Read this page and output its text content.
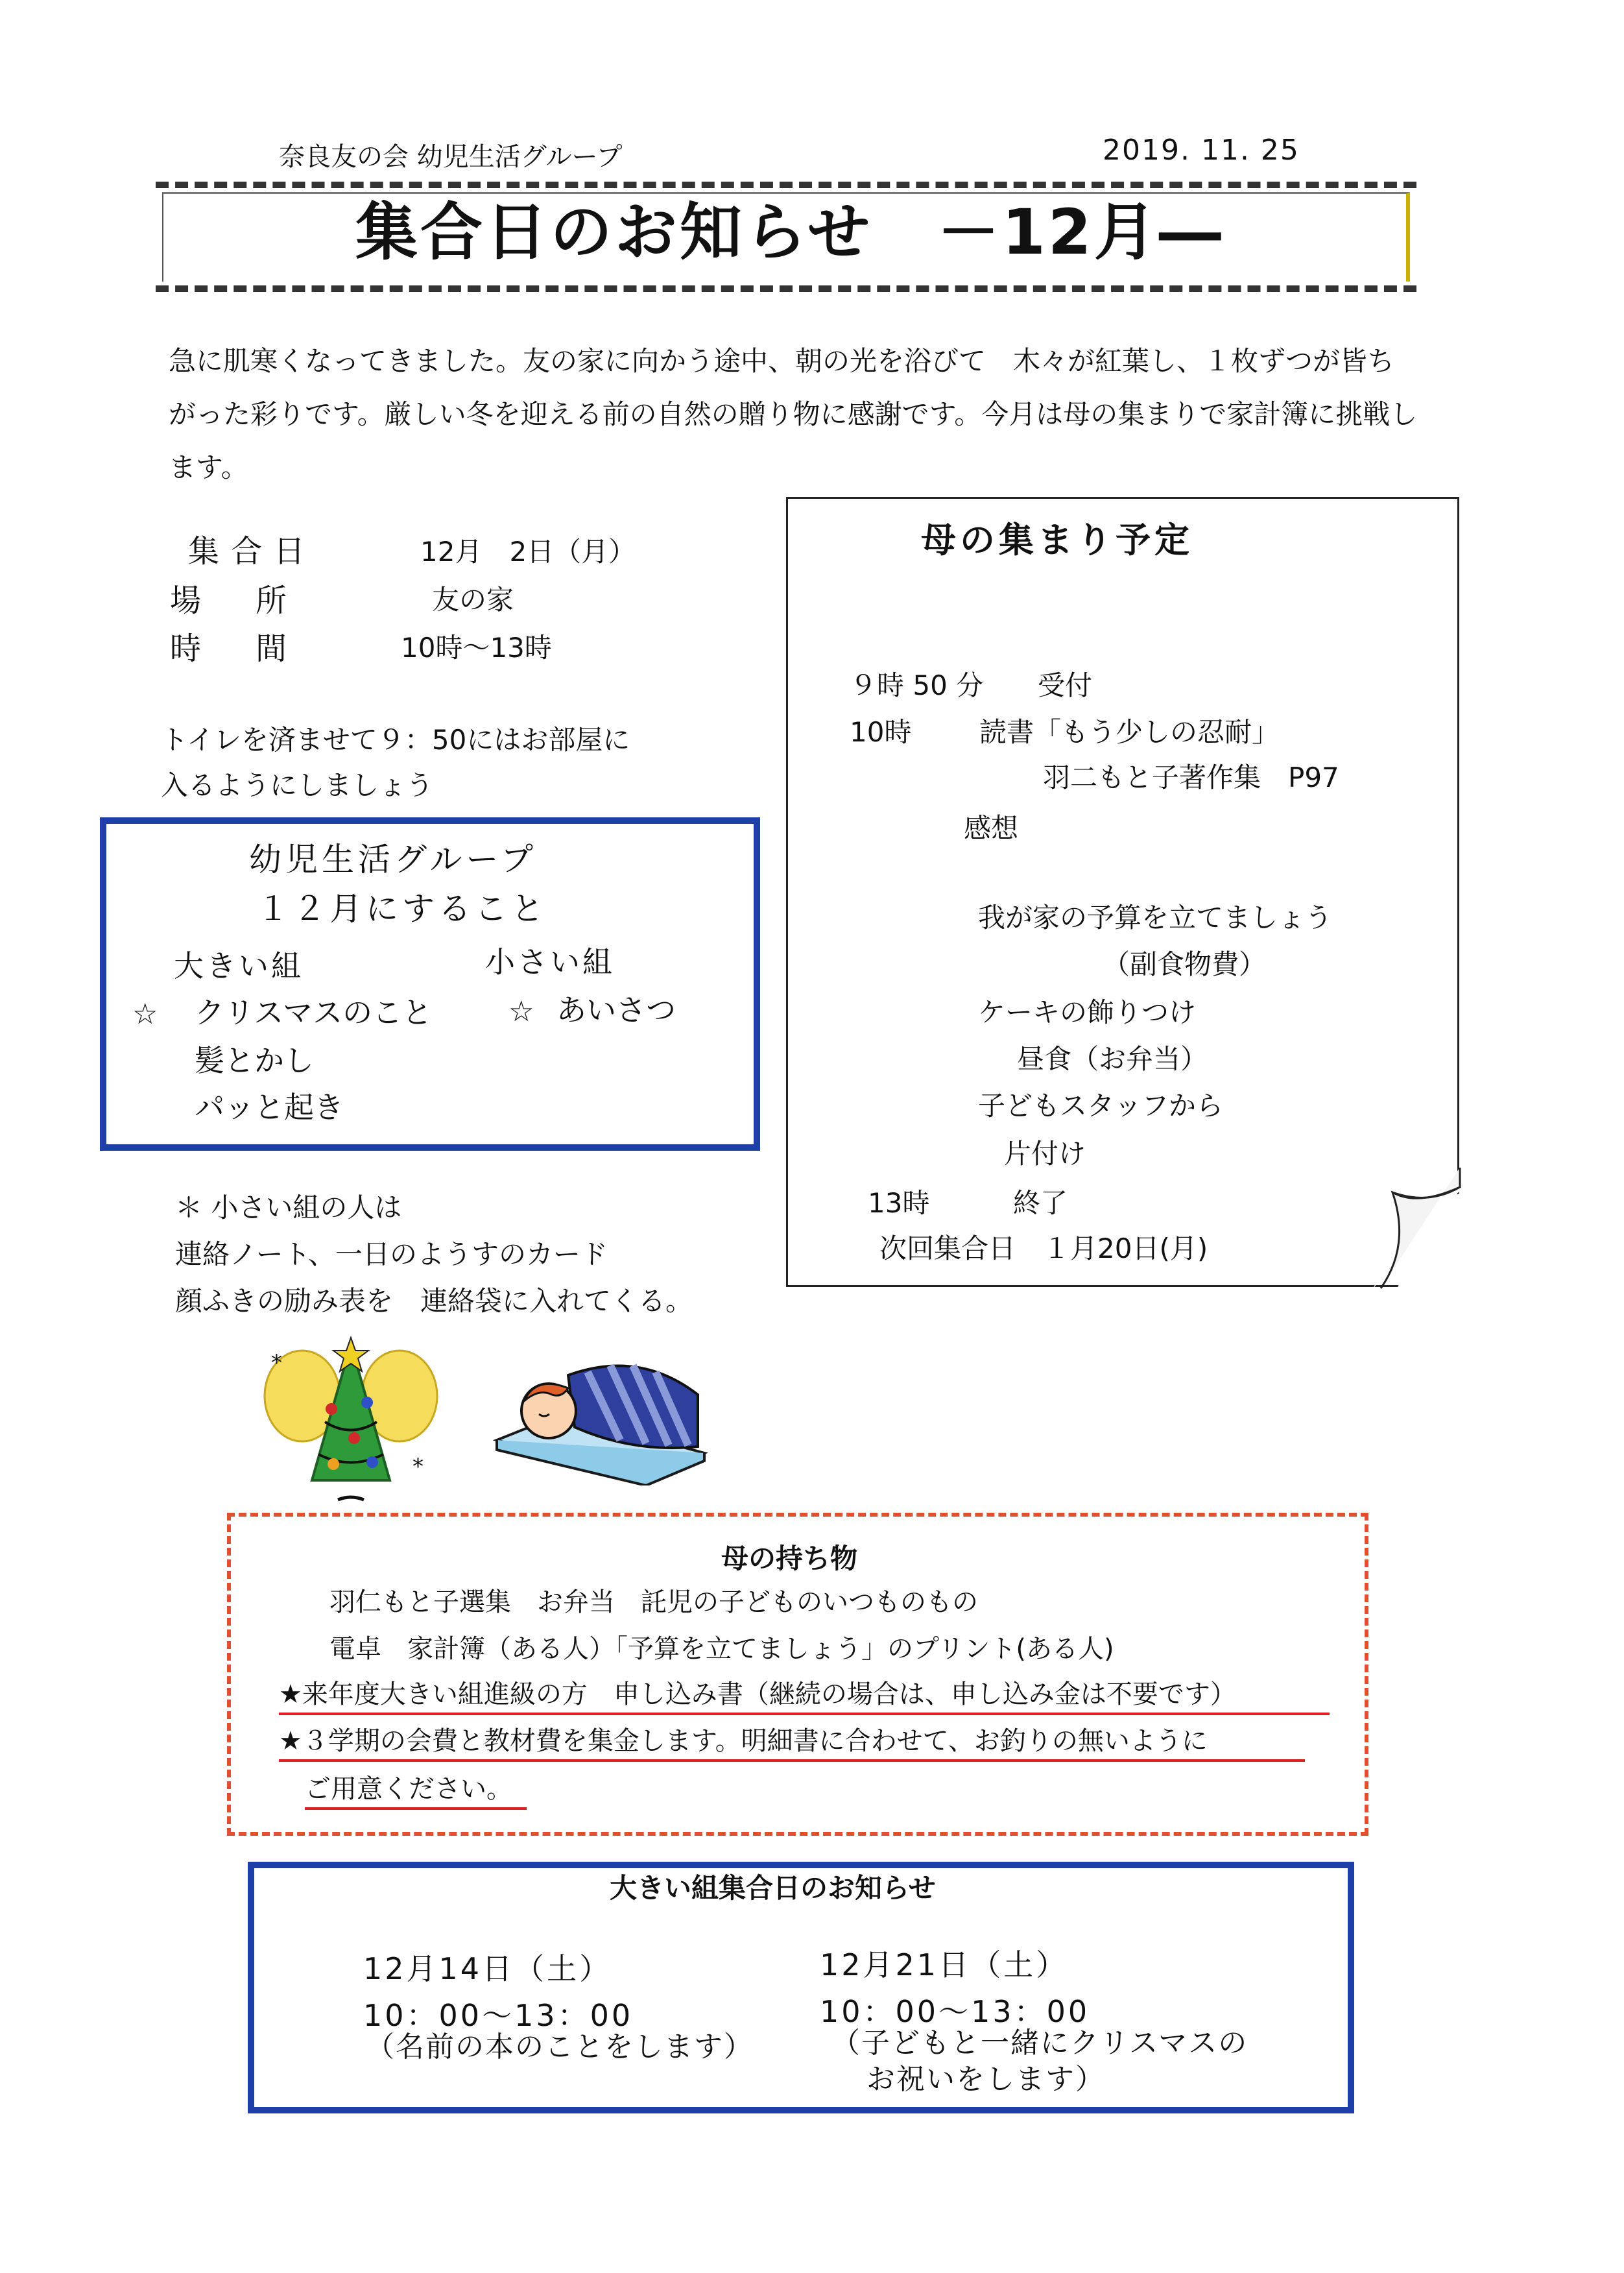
奈良友の会 幼児生活グループ	2019. 11. 25
集合日のお知らせ　－12月―
急に肌寒くなってきました。友の家に向かう途中、朝の光を浴びて　木々が紅葉し、１枚ずつが皆ちがった彩りです。厳しい冬を迎える前の自然の贈り物に感謝です。今月は母の集まりで家計簿に挑戦します。
集合日	12月　2日（月）
場　所	友の家
時　間	10時～13時
トイレを済ませて９：50にはお部屋に
入るようにしましょう
幼児生活グループ
１２月にすること
大きい組	小さい組
☆ クリスマスのこと	☆ あいさつ
髪とかし
パッと起き
＊ 小さい組の人は
連絡ノート、一日のようすのカード
顔ふきの励み表を　連絡袋に入れてくる。
母の集まり予定
９時 50 分 受付
10時 読書「もう少しの忍耐」
羽二もと子著作集　P97
感想
我が家の予算を立てましょう
（副食物費）
ケーキの飾りつけ
昼食（お弁当）
子どもスタッフから
片付け
13時	終了
次回集合日　１月20日(月)
*
*
母の持ち物
羽仁もと子選集　お弁当　託児の子どものいつものもの
電卓　家計簿（ある人）「予算を立てましょう」のプリント(ある人)
★来年度大きい組進級の方　申し込み書（継続の場合は、申し込み金は不要です）
★３学期の会費と教材費を集金します。明細書に合わせて、お釣りの無いように
ご用意ください。
大きい組集合日のお知らせ
12月14日（土）
10：00～13：00
（名前の本のことをします）
12月21日（土）
10：00～13：00
（子どもと一緒にクリスマスの
お祝いをします）
